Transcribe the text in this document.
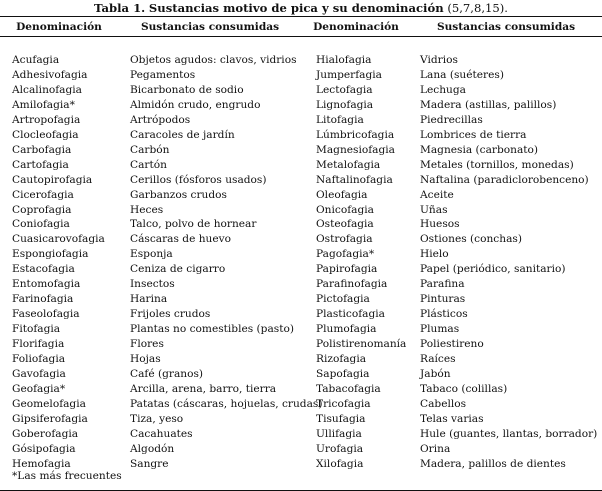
Tabla 1. Sustancias motivo de pica y su denominación (5,7,8,15).
Denominación	Sustancias consumidas	Denominación	Sustancias consumidas

Acufagia	Objetos agudos: clavos, vidrios	Hialofagia	Vidrios
Adhesivofagia	Pegamentos	Jumperfagia	Lana (suéteres)
Alcalinofagia	Bicarbonato de sodio	Lectofagia	Lechuga
Amilofagia*	Almidón crudo, engrudo	Lignofagia	Madera (astillas, palillos)
Artropofagia	Artrópodos	Litofagia	Piedrecillas
Clocleofagia	Caracoles de jardín	Lúmbricofagia	Lombrices de tierra
Carbofagia	Carbón	Magnesiofagia	Magnesia (carbonato)
Cartofagia	Cartón	Metalofagia	Metales (tornillos, monedas)
Cautopirofagia	Cerillos (fósforos usados)	Naftalinofagia	Naftalina (paradiclorobenceno)
Cicerofagia	Garbanzos crudos	Oleofagia	Aceite
Coprofagia	Heces	Onicofagia	Uñas
Coniofagia	Talco, polvo de hornear	Osteofagia	Huesos
Cuasicarovofagia	Cáscaras de huevo	Ostrofagia	Ostiones (conchas)
Espongiofagia	Esponja	Pagofagia*	Hielo
Estacofagia	Ceniza de cigarro	Papirofagia	Papel (periódico, sanitario)
Entomofagia	Insectos	Parafinofagia	Parafina
Farinofagia	Harina	Pictofagia	Pinturas
Faseolofagia	Frijoles crudos	Plasticofagia	Plásticos
Fitofagia	Plantas no comestibles (pasto)	Plumofagia	Plumas
Florifagia	Flores	Polistirenomanía	Poliestireno
Foliofagia	Hojas	Rizofagia	Raíces
Gavofagia	Café (granos)	Sapofagia	Jabón
Geofagia*	Arcilla, arena, barro, tierra	Tabacofagia	Tabaco (colillas)
Geomelofagia	Patatas (cáscaras, hojuelas, crudas)	Tricofagia	Cabellos
Gipsiferofagia	Tiza, yeso	Tisufagia	Telas varias
Goberofagia	Cacahuates	Ullifagia	Hule (guantes, llantas, borrador)
Gósipofagia	Algodón	Urofagia	Orina
Hemofagia	Sangre	Xilofagia	Madera, palillos de dientes

*Las más frecuentes
